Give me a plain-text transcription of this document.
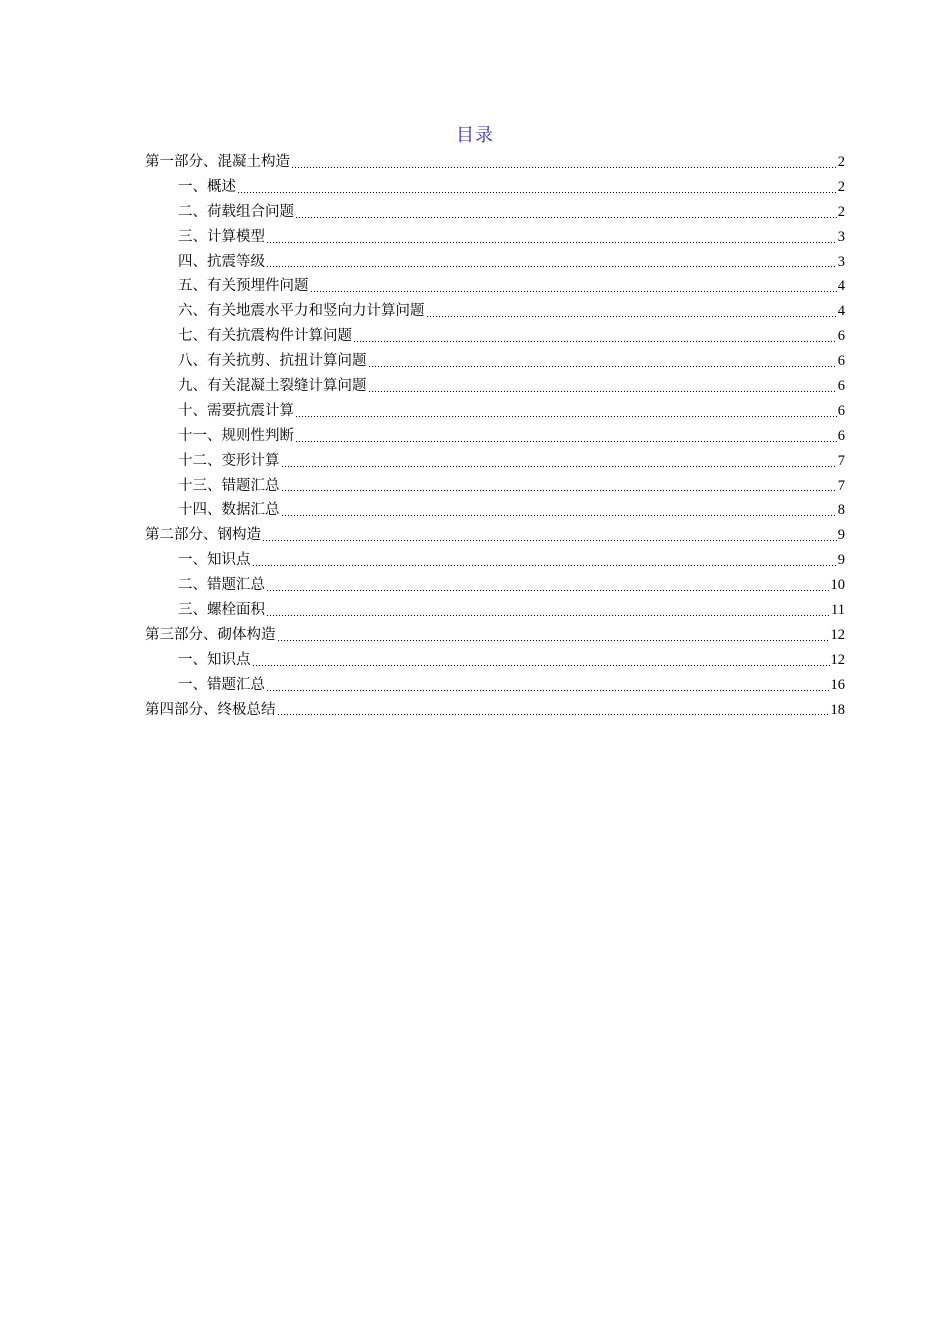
目录
第一部分、混凝土构造	2
一、概述	2
二、荷载组合问题	2
三、计算模型	3
四、抗震等级	3
五、有关预埋件问题	4
六、有关地震水平力和竖向力计算问题	4
七、有关抗震构件计算问题	6
八、有关抗剪、抗扭计算问题	6
九、有关混凝土裂缝计算问题	6
十、需要抗震计算	6
十一、规则性判断	6
十二、变形计算	7
十三、错题汇总	7
十四、数据汇总	8
第二部分、钢构造	9
一、知识点	9
二、错题汇总	10
三、螺栓面积	11
第三部分、砌体构造	12
一、知识点	12
一、错题汇总	16
第四部分、终极总结	18
